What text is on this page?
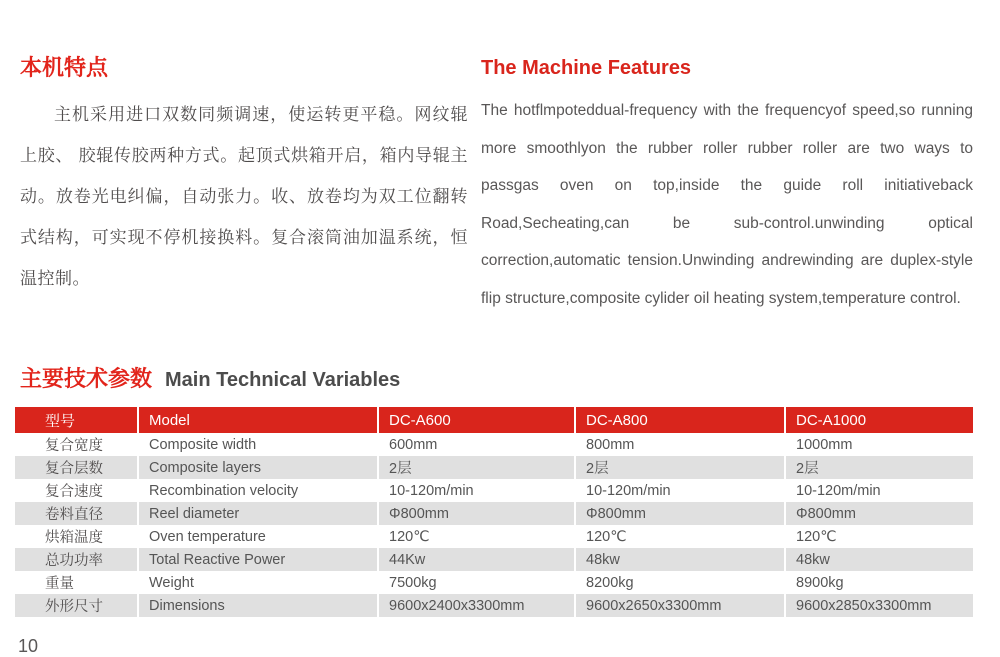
本机特点

主机采用进口双数同频调速，使运转更平稳。网纹辊上胶、 胶辊传胶两种方式。起顶式烘箱开启，箱内导辊主动。放卷光电纠偏，自动张力。收、放卷均为双工位翻转式结构，可实现不停机接换料。复合滚筒油加温系统，恒温控制。

The Machine Features

The hotflmpoteddual-frequency with the frequencyof speed,so running more smoothlyon the rubber roller rubber roller are two ways to passgas oven on top,inside the guide roll initiativeback Road,Secheating,can be sub-control.unwinding optical correction,automatic tension.Unwinding andrewinding are duplex-style flip structure,composite cylider oil heating system,temperature control.

主要技术参数 Main Technical Variables
型号	Model	DC-A600	DC-A800	DC-A1000
复合宽度	Composite width	600mm	800mm	1000mm
复合层数	Composite layers	2层	2层	2层
复合速度	Recombination velocity	10-120m/min	10-120m/min	10-120m/min
卷料直径	Reel diameter	Φ800mm	Φ800mm	Φ800mm
烘箱温度	Oven temperature	120℃	120℃	120℃
总功功率	Total Reactive Power	44Kw	48kw	48kw
重量	Weight	7500kg	8200kg	8900kg
外形尺寸	Dimensions	9600x2400x3300mm	9600x2650x3300mm	9600x2850x3300mm
10
